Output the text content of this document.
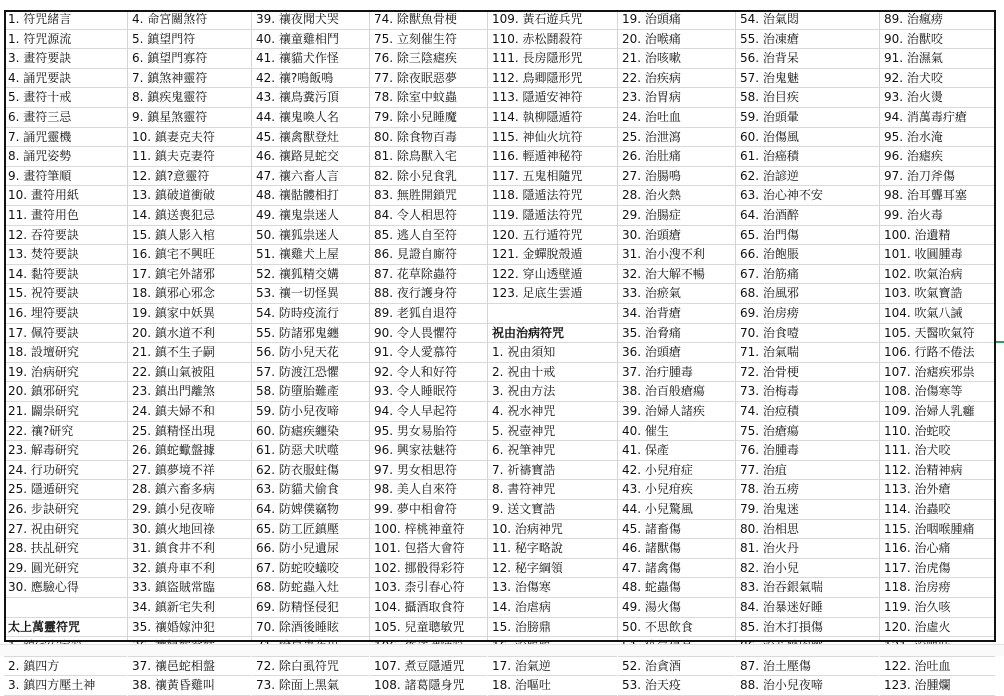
1. 符咒緒言
1. 符咒源流
3. 畫符要訣
4. 誦咒要訣
5. 畫符十戒
6. 畫符三忌
7. 誦咒靈機
8. 誦咒姿勢
9. 畫符筆順
10. 畫符用紙
11. 畫符用色
12. 吞符要訣
13. 焚符要訣
14. 黏符要訣
15. 祝符要訣
16. 埋符要訣
17. 佩符要訣
18. 設壇研究
19. 治病研究
20. 鎮邪研究
21. 闢祟研究
22. 禳?研究
23. 解毒研究
24. 行功研究
25. 隱遁研究
26. 步訣研究
27. 祝由研究
28. 扶乩研究
29. 圓光研究
30. 應驗心得
太上萬靈符咒
2. 鎮四方
3. 鎮四方壓土神
4. 命宮關煞符
5. 鎮望門符
6. 鎮望門寡符
7. 鎮煞神靈符
8. 鎮疾鬼靈符
9. 鎮星煞靈符
10. 鎮妻克夫符
11. 鎮夫克妻符
12. 鎮?意靈符
13. 鎮破道衝破
14. 鎮送喪犯忌
15. 鎮人影入棺
16. 鎮宅不興旺
17. 鎮宅外諸邪
18. 鎮邪心邪念
19. 鎮家中妖異
20. 鎮水道不利
21. 鎮不生子嗣
22. 鎮山氣被阻
23. 鎮出門離煞
24. 鎮夫婦不和
25. 鎮精怪出現
26. 鎮蛇蠍盤據
27. 鎮夢境不祥
28. 鎮六畜多病
29. 鎮小兒夜啼
30. 鎮火地回祿
31. 鎮食井不利
32. 鎮舟車不利
33. 鎮盜賊常臨
34. 鎮新宅失利
35. 禳婚嫁沖犯
37. 禳邑蛇相盤
38. 禳黃昏雞叫
39. 禳夜聞犬哭
40. 禳童雞相鬥
41. 禳貓犬作怪
42. 禳?鳴飯鳴
43. 禳鳥糞污頂
44. 禳鬼喚人名
45. 禳禽獸登灶
46. 禳路見蛇交
47. 禳六畜人言
48. 禳骷髏相打
49. 禳鬼祟迷人
50. 禳狐祟迷人
51. 禳雞犬上屋
52. 禳狐精交媾
53. 禳一切怪異
54. 防時疫流行
55. 防諸邪鬼纏
56. 防小兒天花
57. 防渡江恐懼
58. 防墮胎難產
59. 防小兒夜啼
60. 防瘧疾纏染
61. 防惡犬吠噬
62. 防衣服蛀傷
63. 防貓犬偷食
64. 防婢僕竊物
65. 防工匠鎮壓
66. 防小兒遺尿
67. 防蛇咬蟻咬
68. 防蛇蟲入灶
69. 防精怪侵犯
70. 除酒後睡眩
72. 除白虱符咒
73. 除面上黑氣
74. 除獸魚骨梗
75. 立刻催生符
76. 除三陰瘧疾
77. 除夜眠惡夢
78. 除室中蚊蟲
79. 除小兒睡魔
80. 除食物百毒
81. 除鳥獸入宅
82. 除小兒食乳
83. 無胜開鎖咒
84. 令人相思符
85. 逃人自至符
86. 見證自廝符
87. 花草除蟲符
88. 夜行護身符
89. 老狐自退符
90. 令人畏懼符
91. 令人愛慕符
92. 令人和好符
93. 令人睡眠符
94. 令人早起符
95. 男女易胎符
96. 興家祛魅符
97. 男女相思符
98. 美人自來符
99. 夢中相會符
100. 梓桃神童符
101. 包搭大會符
102. 挪骰得彩符
103. 柰引春心符
104. 攝酒取食符
105. 兒童聰敏咒
107. 煮豆隱遁咒
108. 諸葛隱身咒
109. 黃石遊兵咒
110. 赤松鬪殺符
111. 長房隱形咒
112. 鳥卿隱形咒
113. 隱遁安神符
114. 執柳隱遁符
115. 神仙火坑符
116. 輕遁神秘符
117. 五鬼相隨咒
118. 隱遁法符咒
119. 隱遁法符咒
120. 五行遁符咒
121. 金蟬脫殼遁
122. 穿山透壁遁
123. 足底生雲遁
祝由治病符咒
1. 祝由須知
2. 祝由十戒
3. 祝由方法
4. 祝水神咒
5. 祝壺神咒
6. 祝筆神咒
7. 祈禱寶誥
8. 書符神咒
9. 送文寶誥
10. 治病神咒
11. 秘字略說
12. 秘字綱領
13. 治傷寒
14. 治虐病
15. 治膀鼎
17. 治氣逆
18. 治嘔吐
19. 治頭痛
20. 治喉痛
21. 治咳嗽
22. 治疾病
23. 治胃病
24. 治吐血
25. 治泄瀉
26. 治肚痛
27. 治腸鳴
28. 治火熱
29. 治腸症
30. 治頭瘡
31. 治小溲不利
32. 治大解不暢
33. 治瘀氣
34. 治背瘡
35. 治脅痛
36. 治頭瘡
37. 治疔腫毒
38. 治百般瘡瘍
39. 治婦人諸疾
40. 催生
41. 保產
42. 小兒疳症
43. 小兒疳疾
44. 小兒驚風
45. 諸畜傷
46. 諸獸傷
47. 諸禽傷
48. 蛇蟲傷
49. 湯火傷
50. 不思飲食
52. 治貪酒
53. 治天疫
54. 治氣悶
55. 治凍瘡
56. 治背呆
57. 治鬼魅
58. 治目疾
59. 治頭暈
60. 治傷風
61. 治癌積
62. 治諺逆
63. 治心神不安
64. 治酒醉
65. 治門傷
66. 治飽脹
67. 治筋痛
68. 治風邪
69. 治房痨
70. 治食噎
71. 治氣喘
72. 治骨梗
73. 治梅毒
74. 治痘積
75. 治瘡瘍
76. 治腫毒
77. 治疽
78. 治五痨
79. 治鬼迷
80. 治相思
81. 治火丹
82. 治小兒
83. 治吞銀氣喘
84. 治暴迷好睡
85. 治木打損傷
87. 治土壓傷
88. 治小兒夜啼
89. 治瘋痨
90. 治獸咬
91. 治濕氣
92. 治犬咬
93. 治火燙
94. 消萬毒疔瘡
95. 治水淹
96. 治瘧疾
97. 治刀斧傷
98. 治耳聾耳塞
99. 治火毒
100. 治遺精
101. 收圓腫毒
102. 吹氣治病
103. 吹氣寶誥
104. 吹氣八誡
105. 天醫吹氣符
106. 行路不倦法
107. 治瘧疾邪祟
108. 治傷寒等
109. 治婦人乳癰
110. 治蛇咬
111. 治犬咬
112. 治精神病
113. 治外瘡
114. 治蟲咬
115. 治咽喉腫痛
116. 治心痛
117. 治虎傷
118. 治房痨
119. 治久咳
120. 治虛火
122. 治吐血
123. 治腫爛
